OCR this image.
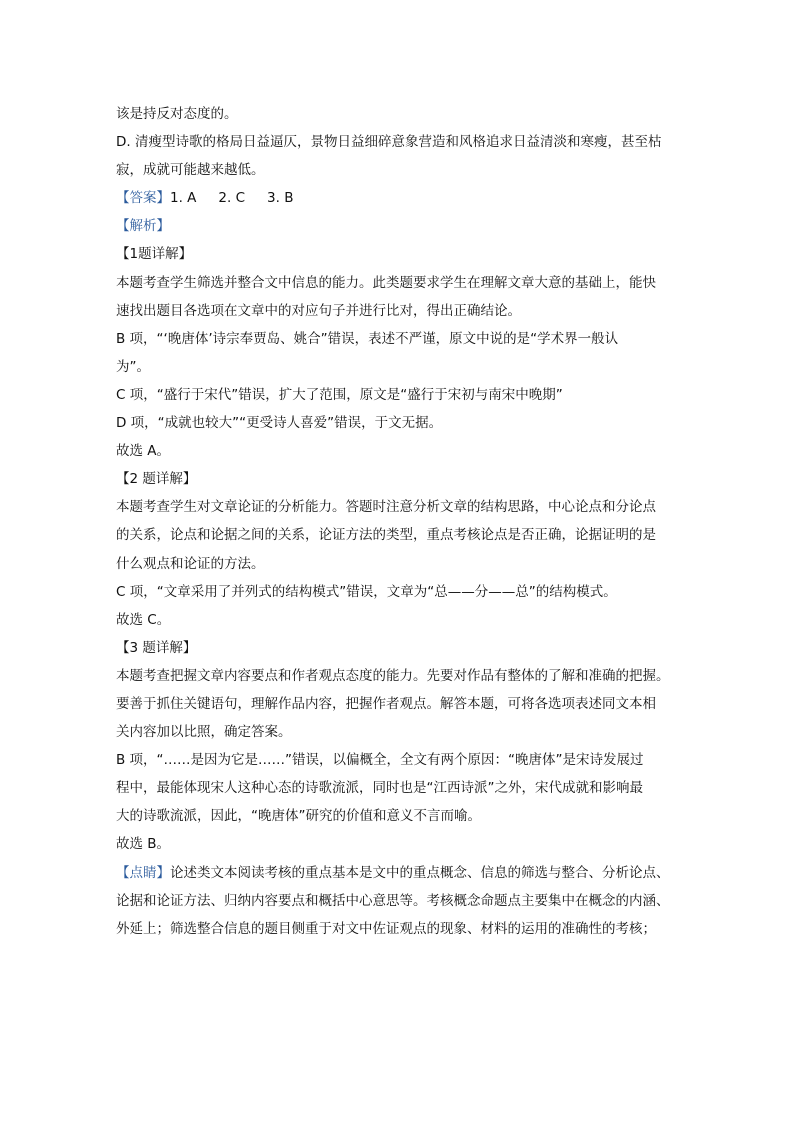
该是持反对态度的。
D. 清瘦型诗歌的格局日益逼仄，景物日益细碎意象营造和风格追求日益清淡和寒瘦，甚至枯
寂，成就可能越来越低。
【答案】1. A 2. C 3. B
【解析】
【1题详解】
本题考查学生筛选并整合文中信息的能力。此类题要求学生在理解文章大意的基础上，能快
速找出题目各选项在文章中的对应句子并进行比对，得出正确结论。
B 项，“‘晚唐体’诗宗奉贾岛、姚合”错误，表述不严谨，原文中说的是“学术界一般认
为”。
C 项，“盛行于宋代”错误，扩大了范围，原文是“盛行于宋初与南宋中晚期”
D 项，“成就也较大”“更受诗人喜爱”错误，于文无据。
故选 A。
【2 题详解】
本题考查学生对文章论证的分析能力。答题时注意分析文章的结构思路，中心论点和分论点
的关系，论点和论据之间的关系，论证方法的类型，重点考核论点是否正确，论据证明的是
什么观点和论证的方法。
C 项，“文章采用了并列式的结构模式”错误，文章为“总——分——总”的结构模式。
故选 C。
【3 题详解】
本题考查把握文章内容要点和作者观点态度的能力。先要对作品有整体的了解和准确的把握。
要善于抓住关键语句，理解作品内容，把握作者观点。解答本题，可将各选项表述同文本相
关内容加以比照，确定答案。
B 项，“……是因为它是……”错误，以偏概全，全文有两个原因：“晚唐体”是宋诗发展过
程中，最能体现宋人这种心态的诗歌流派，同时也是“江西诗派”之外，宋代成就和影响最
大的诗歌流派，因此，“晚唐体”研究的价值和意义不言而喻。
故选 B。
【点睛】论述类文本阅读考核的重点基本是文中的重点概念、信息的筛选与整合、分析论点、
论据和论证方法、归纳内容要点和概括中心意思等。考核概念命题点主要集中在概念的内涵、
外延上；筛选整合信息的题目侧重于对文中佐证观点的现象、材料的运用的准确性的考核；
